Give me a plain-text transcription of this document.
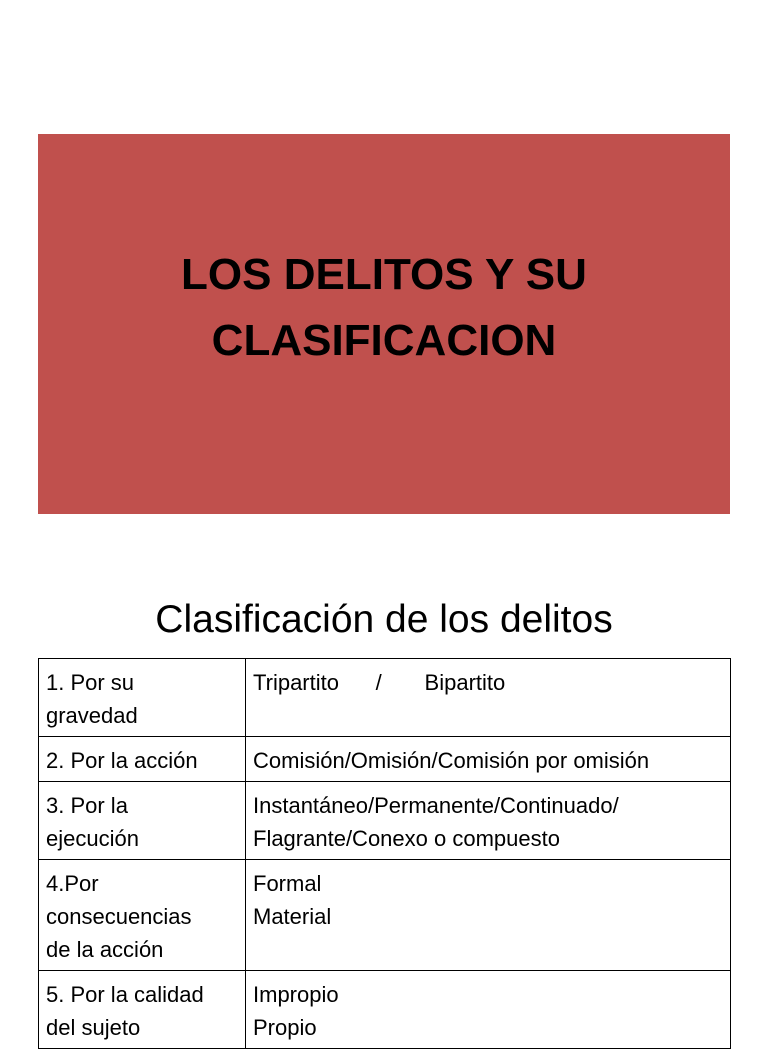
LOS DELITOS Y SU
CLASIFICACION
Clasificación de los delitos
1. Por su
gravedad	Tripartito      /       Bipartito

2. Por la acción	Comisión/Omisión/Comisión por omisión

3. Por la
ejecución	Instantáneo/Permanente/Continuado/
Flagrante/Conexo o compuesto

4.Por
consecuencias
de la acción	Formal
Material

5. Por la calidad
del sujeto	Impropio
Propio
